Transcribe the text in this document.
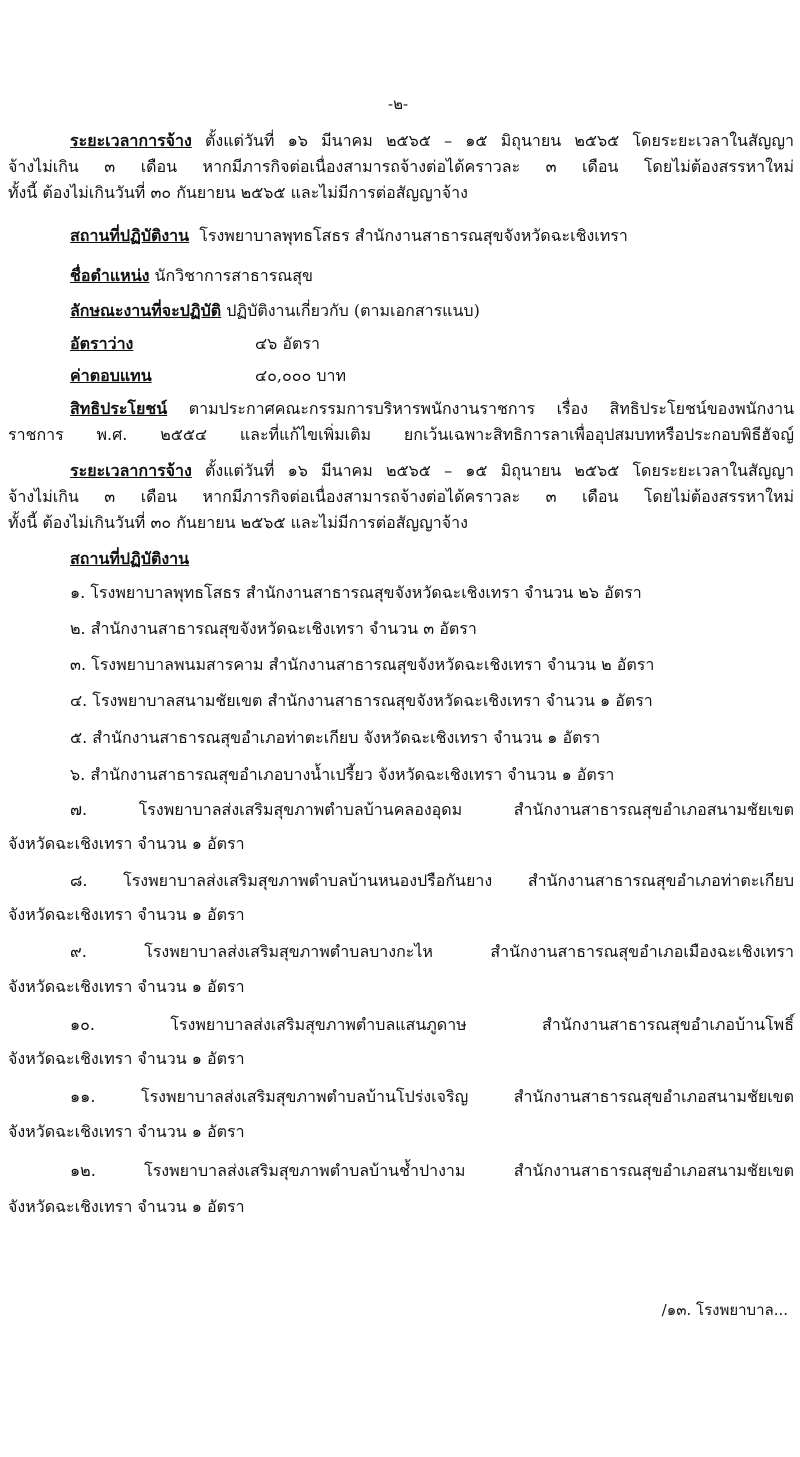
-๒-
ระยะเวลาการจ้าง ตั้งแต่วันที่ ๑๖ มีนาคม ๒๕๖๕ – ๑๕ มิถุนายน ๒๕๖๕ โดยระยะเวลาในสัญญา
จ้างไม่เกิน ๓ เดือน หากมีภารกิจต่อเนื่องสามารถจ้างต่อได้คราวละ ๓ เดือน โดยไม่ต้องสรรหาใหม่
ทั้งนี้ ต้องไม่เกินวันที่ ๓๐ กันยายน ๒๕๖๕ และไม่มีการต่อสัญญาจ้าง
สถานที่ปฏิบัติงาน โรงพยาบาลพุทธโสธร สำนักงานสาธารณสุขจังหวัดฉะเชิงเทรา
ชื่อตำแหน่ง นักวิชาการสาธารณสุข
ลักษณะงานที่จะปฏิบัติ ปฏิบัติงานเกี่ยวกับ (ตามเอกสารแนบ)
อัตราว่าง	๔๖ อัตรา
ค่าตอบแทน	๔๐,๐๐๐ บาท
สิทธิประโยชน์ ตามประกาศคณะกรรมการบริหารพนักงานราชการ เรื่อง สิทธิประโยชน์ของพนักงาน
ราชการ พ.ศ. ๒๕๕๔ และที่แก้ไขเพิ่มเติม ยกเว้นเฉพาะสิทธิการลาเพื่ออุปสมบทหรือประกอบพิธีฮัจญ์
ระยะเวลาการจ้าง ตั้งแต่วันที่ ๑๖ มีนาคม ๒๕๖๕ – ๑๕ มิถุนายน ๒๕๖๕ โดยระยะเวลาในสัญญา
จ้างไม่เกิน ๓ เดือน หากมีภารกิจต่อเนื่องสามารถจ้างต่อได้คราวละ ๓ เดือน โดยไม่ต้องสรรหาใหม่
ทั้งนี้ ต้องไม่เกินวันที่ ๓๐ กันยายน ๒๕๖๕ และไม่มีการต่อสัญญาจ้าง
สถานที่ปฏิบัติงาน
๑. โรงพยาบาลพุทธโสธร สำนักงานสาธารณสุขจังหวัดฉะเชิงเทรา จำนวน ๒๖ อัตรา
๒. สำนักงานสาธารณสุขจังหวัดฉะเชิงเทรา จำนวน ๓ อัตรา
๓. โรงพยาบาลพนมสารคาม สำนักงานสาธารณสุขจังหวัดฉะเชิงเทรา จำนวน ๒ อัตรา
๔. โรงพยาบาลสนามชัยเขต สำนักงานสาธารณสุขจังหวัดฉะเชิงเทรา จำนวน ๑ อัตรา
๕. สำนักงานสาธารณสุขอำเภอท่าตะเกียบ จังหวัดฉะเชิงเทรา จำนวน ๑ อัตรา
๖. สำนักงานสาธารณสุขอำเภอบางน้ำเปรี้ยว จังหวัดฉะเชิงเทรา จำนวน ๑ อัตรา
๗. โรงพยาบาลส่งเสริมสุขภาพตำบลบ้านคลองอุดม สำนักงานสาธารณสุขอำเภอสนามชัยเขต
จังหวัดฉะเชิงเทรา จำนวน ๑ อัตรา
๘. โรงพยาบาลส่งเสริมสุขภาพตำบลบ้านหนองปรือกันยาง สำนักงานสาธารณสุขอำเภอท่าตะเกียบ
จังหวัดฉะเชิงเทรา จำนวน ๑ อัตรา
๙. โรงพยาบาลส่งเสริมสุขภาพตำบลบางกะไห สำนักงานสาธารณสุขอำเภอเมืองฉะเชิงเทรา
จังหวัดฉะเชิงเทรา จำนวน ๑ อัตรา
๑๐. โรงพยาบาลส่งเสริมสุขภาพตำบลแสนภูดาษ สำนักงานสาธารณสุขอำเภอบ้านโพธิ์
จังหวัดฉะเชิงเทรา จำนวน ๑ อัตรา
๑๑. โรงพยาบาลส่งเสริมสุขภาพตำบลบ้านโปร่งเจริญ สำนักงานสาธารณสุขอำเภอสนามชัยเขต
จังหวัดฉะเชิงเทรา จำนวน ๑ อัตรา
๑๒. โรงพยาบาลส่งเสริมสุขภาพตำบลบ้านช้ำปางาม สำนักงานสาธารณสุขอำเภอสนามชัยเขต
จังหวัดฉะเชิงเทรา จำนวน ๑ อัตรา
/๑๓. โรงพยาบาล...
